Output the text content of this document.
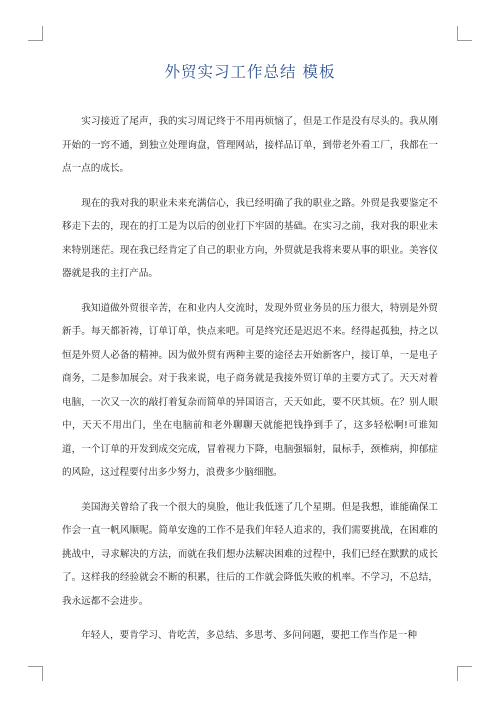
外贸实习工作总结 模板

实习接近了尾声，我的实习周记终于不用再烦恼了，但是工作是没有尽头的。我从刚开始的一窍不通，到独立处理询盘，管理网站，接样品订单，到带老外看工厂，我都在一点一点的成长。

现在的我对我的职业未来充满信心，我已经明确了我的职业之路。外贸是我要鉴定不移走下去的，现在的打工是为以后的创业打下牢固的基础。在实习之前，我对我的职业未来特别迷茫。现在我已经肯定了自己的职业方向，外贸就是我将来要从事的职业。美容仪器就是我的主打产品。

我知道做外贸很辛苦，在和业内人交流时，发现外贸业务员的压力很大，特别是外贸新手。每天都祈祷，订单订单，快点来吧。可是终究还是迟迟不来。经得起孤独，持之以恒是外贸人必备的精神。因为做外贸有两种主要的途径去开始新客户，接订单，一是电子商务，二是参加展会。对于我来说，电子商务就是我接外贸订单的主要方式了。天天对着电脑，一次又一次的敲打着复杂而简单的异国语言，天天如此，要不厌其烦。在？别人眼中，天天不用出门，坐在电脑前和老外聊聊天就能把钱挣到手了，这多轻松啊!可谁知道，一个订单的开发到成交完成，冒着视力下降，电脑强辐射，鼠标手，颈椎病，抑郁症的风险，这过程要付出多少努力，浪费多少脑细胞。

美国海关曾给了我一个很大的臭脸，他让我低迷了几个星期。但是我想，谁能确保工作会一直一帆风顺呢。简单安逸的工作不是我们年轻人追求的，我们需要挑战，在困难的挑战中，寻求解决的方法，而就在我们想办法解决困难的过程中，我们已经在默默的成长了。这样我的经验就会不断的积累，往后的工作就会降低失败的机率。不学习，不总结，我永远都不会进步。

年轻人，要肯学习、肯吃苦，多总结、多思考、多问问题，要把工作当作是一种
